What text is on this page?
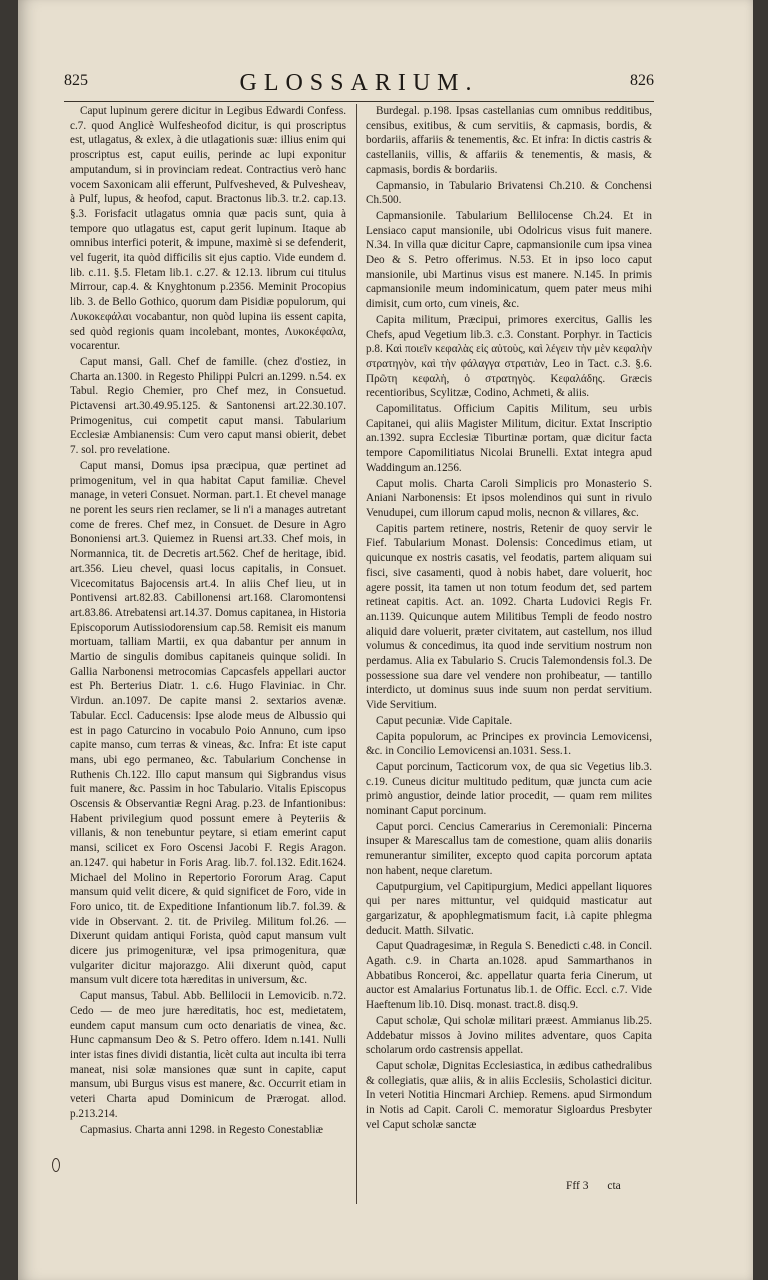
825	GLOSSARIUM.	826

Caput lupinum gerere dicitur in Legibus Edwardi Confess. c.7. quod Anglicè Wulfesheofod dicitur, is qui proscriptus est, utlagatus, & exlex, à die utlagationis suæ: illius enim qui proscriptus est, caput euilis, perinde ac lupi exponitur amputandum, si in provinciam redeat. Contractius verò hanc vocem Saxonicam alii efferunt, Pulfvesheved, & Pulvesheav, à Pulf, lupus, & heofod, caput. Bractonus lib.3. tr.2. cap.13. §.3. Forisfacit utlagatus omnia quæ pacis sunt, quia à tempore quo utlagatus est, caput gerit lupinum. Itaque ab omnibus interfici poterit, & impune, maximè si se defenderit, vel fugerit, ita quòd difficilis sit ejus captio. Vide eundem d. lib. c.11. §.5. Fletam lib.1. c.27. & 12.13. librum cui titulus Mirrour, cap.4. & Knyghtonum p.2356. Meminit Procopius lib. 3. de Bello Gothico, quorum dam Pisidiæ populorum, qui Λυκοκεφάλαι vocabantur, non quòd lupina iis essent capita, sed quòd regionis quam incolebant, montes, Λυκοκέφαλα, vocarentur.

Caput mansi, Gall. Chef de famille. (chez d'ostiez, in Charta an.1300. in Regesto Philippi Pulcri an.1299. n.54. ex Tabul. Regio Chemier, pro Chef mez, in Consuetud. Pictavensi art.30.49.95.125. & Santonensi art.22.30.107. Primogenitus, cui competit caput mansi. Tabularium Ecclesiæ Ambianensis: Cum vero caput mansi obierit, debet 7. sol. pro revelatione.

Caput mansi, Domus ipsa præcipua, quæ pertinet ad primogenitum, vel in qua habitat Caput familiæ. Chevel manage, in veteri Consuet. Norman. part.1. Et chevel manage ne porent les seurs rien reclamer, se li n'i a manages autretant come de freres. Chef mez, in Consuet. de Desure in Agro Bononiensi art.3. Quiemez in Ruensi art.33. Chef mois, in Normannica, tit. de Decretis art.562. Chef de heritage, ibid. art.356. Lieu chevel, quasi locus capitalis, in Consuet. Vicecomitatus Bajocensis art.4. In aliis Chef lieu, ut in Pontivensi art.82.83. Cabillonensi art.168. Claromontensi art.83.86. Atrebatensi art.14.37. Domus capitanea, in Historia Episcoporum Autissiodorensium cap.58. Remisit eis manum mortuam, talliam Martii, ex qua dabantur per annum in Martio de singulis domibus capitaneis quinque solidi. In Gallia Narbonensi metrocomias Capcasfels appellari auctor est Ph. Berterius Diatr. 1. c.6. Hugo Flaviniac. in Chr. Virdun. an.1097. De capite mansi 2. sextarios avenæ. Tabular. Eccl. Caducensis: Ipse alode meus de Albussio qui est in pago Caturcino in vocabulo Poio Annuno, cum ipso capite manso, cum terras & vineas, &c. Infra: Et iste caput mans, ubi ego permaneo, &c. Tabularium Conchense in Ruthenis Ch.122. Illo caput mansum qui Sigbrandus visus fuit manere, &c. Passim in hoc Tabulario. Vitalis Episcopus Oscensis & Observantiæ Regni Arag. p.23. de Infantionibus: Habent privilegium quod possunt emere à Peyteriis & villanis, & non tenebuntur peytare, si etiam emerint caput mansi, scilicet ex Foro Oscensi Jacobi F. Regis Aragon. an.1247. qui habetur in Foris Arag. lib.7. fol.132. Edit.1624. Michael del Molino in Repertorio Fororum Arag. Caput mansum quid velit dicere, & quid significet de Foro, vide in Foro unico, tit. de Expeditione Infantionum lib.7. fol.39. & vide in Observant. 2. tit. de Privileg. Militum fol.26. — Dixerunt quidam antiqui Forista, quòd caput mansum vult dicere jus primogenituræ, vel ipsa primogenitura, quæ vulgariter dicitur majorazgo. Alii dixerunt quòd, caput mansum vult dicere tota hæreditas in universum, &c.

Caput mansus, Tabul. Abb. Bellilocii in Lemovicib. n.72. Cedo — de meo jure hæreditatis, hoc est, medietatem, eundem caput mansum cum octo denariatis de vinea, &c. Hunc capmansum Deo & S. Petro offero. Idem n.141. Nulli inter istas fines dividi distantia, licèt culta aut inculta ibi terra maneat, nisi solæ mansiones quæ sunt in capite, caput mansum, ubi Burgus visus est manere, &c. Occurrit etiam in veteri Charta apud Dominicum de Prærogat. allod. p.213.214.

Capmasius. Charta anni 1298. in Regesto Conestabliæ

Burdegal. p.198. Ipsas castellanias cum omnibus redditibus, censibus, exitibus, & cum servitiis, & capmasis, bordis, & bordariis, affariis & tenementis, &c. Et infra: In dictis castris & castellaniis, villis, & affariis & tenementis, & masis, & capmasis, bordis & bordariis.

Capmansio, in Tabulario Brivatensi Ch.210. & Conchensi Ch.500.

Capmansionile. Tabularium Bellilocense Ch.24. Et in Lensiaco caput mansionile, ubi Odolricus visus fuit manere. N.34. In villa quæ dicitur Capre, capmansionile cum ipsa vinea Deo & S. Petro offerimus. N.53. Et in ipso loco caput mansionile, ubi Martinus visus est manere. N.145. In primis capmansionile meum indominicatum, quem pater meus mihi dimisit, cum orto, cum vineis, &c.

Capita militum, Præcipui, primores exercitus, Gallis les Chefs, apud Vegetium lib.3. c.3. Constant. Porphyr. in Tacticis p.8. Καὶ ποιεῖν κεφαλὰς εἰς αὐτοὺς, καὶ λέγειν τὴν μὲν κεφαλὴν στρατηγὸν, καὶ τὴν φάλαγγα στρατιὰν, Leo in Tact. c.3. §.6. Πρῶτη κεφαλὴ, ὁ στρατηγὸς. Κεφαλάδης. Græcis recentioribus, Scylitzæ, Codino, Achmeti, & aliis.

Capomilitatus. Officium Capitis Militum, seu urbis Capitanei, qui aliis Magister Militum, dicitur. Extat Inscriptio an.1392. supra Ecclesiæ Tiburtinæ portam, quæ dicitur facta tempore Capomilitiatus Nicolai Brunelli. Extat integra apud Waddingum an.1256.

Caput molis. Charta Caroli Simplicis pro Monasterio S. Aniani Narbonensis: Et ipsos molendinos qui sunt in rivulo Venudupei, cum illorum capud molis, necnon & villares, &c.

Capitis partem retinere, nostris, Retenir de quoy servir le Fief. Tabularium Monast. Dolensis: Concedimus etiam, ut quicunque ex nostris casatis, vel feodatis, partem aliquam sui fisci, sive casamenti, quod à nobis habet, dare voluerit, hoc agere possit, ita tamen ut non totum feodum det, sed partem retineat capitis. Act. an. 1092. Charta Ludovici Regis Fr. an.1139. Quicunque autem Militibus Templi de feodo nostro aliquid dare voluerit, præter civitatem, aut castellum, nos illud volumus & concedimus, ita quod inde servitium nostrum non perdamus. Alia ex Tabulario S. Crucis Talemondensis fol.3. De possessione sua dare vel vendere non prohibeatur, — tantillo interdicto, ut dominus suus inde suum non perdat servitium. Vide Servitium.

Caput pecuniæ. Vide Capitale.

Capita populorum, ac Principes ex provincia Lemovicensi, &c. in Concilio Lemovicensi an.1031. Sess.1.

Caput porcinum, Tacticorum vox, de qua sic Vegetius lib.3. c.19. Cuneus dicitur multitudo peditum, quæ juncta cum acie primò angustior, deinde latior procedit, — quam rem milites nominant Caput porcinum.

Caput porci. Cencius Camerarius in Ceremoniali: Pincerna insuper & Marescallus tam de comestione, quam aliis donariis remunerantur similiter, excepto quod capita porcorum aptata non habent, neque claretum.

Caputpurgium, vel Capitipurgium, Medici appellant liquores qui per nares mittuntur, vel quidquid masticatur aut gargarizatur, & apophlegmatismum facit, i.à capite phlegma deducit. Matth. Silvatic.

Caput Quadragesimæ, in Regula S. Benedicti c.48. in Concil. Agath. c.9. in Charta an.1028. apud Sammarthanos in Abbatibus Ronceroi, &c. appellatur quarta feria Cinerum, ut auctor est Amalarius Fortunatus lib.1. de Offic. Eccl. c.7. Vide Haeftenum lib.10. Disq. monast. tract.8. disq.9.

Caput scholæ, Qui scholæ militari præest. Ammianus lib.25. Addebatur missos à Jovino milites adventare, quos Capita scholarum ordo castrensis appellat.

Caput scholæ, Dignitas Ecclesiastica, in ædibus cathedralibus & collegiatis, quæ aliis, & in aliis Ecclesiis, Scholastici dicitur. In veteri Notitia Hincmari Archiep. Remens. apud Sirmondum in Notis ad Capit. Caroli C. memoratur Sigloardus Presbyter vel Caput scholæ sanctæ

Fff 3 cta
